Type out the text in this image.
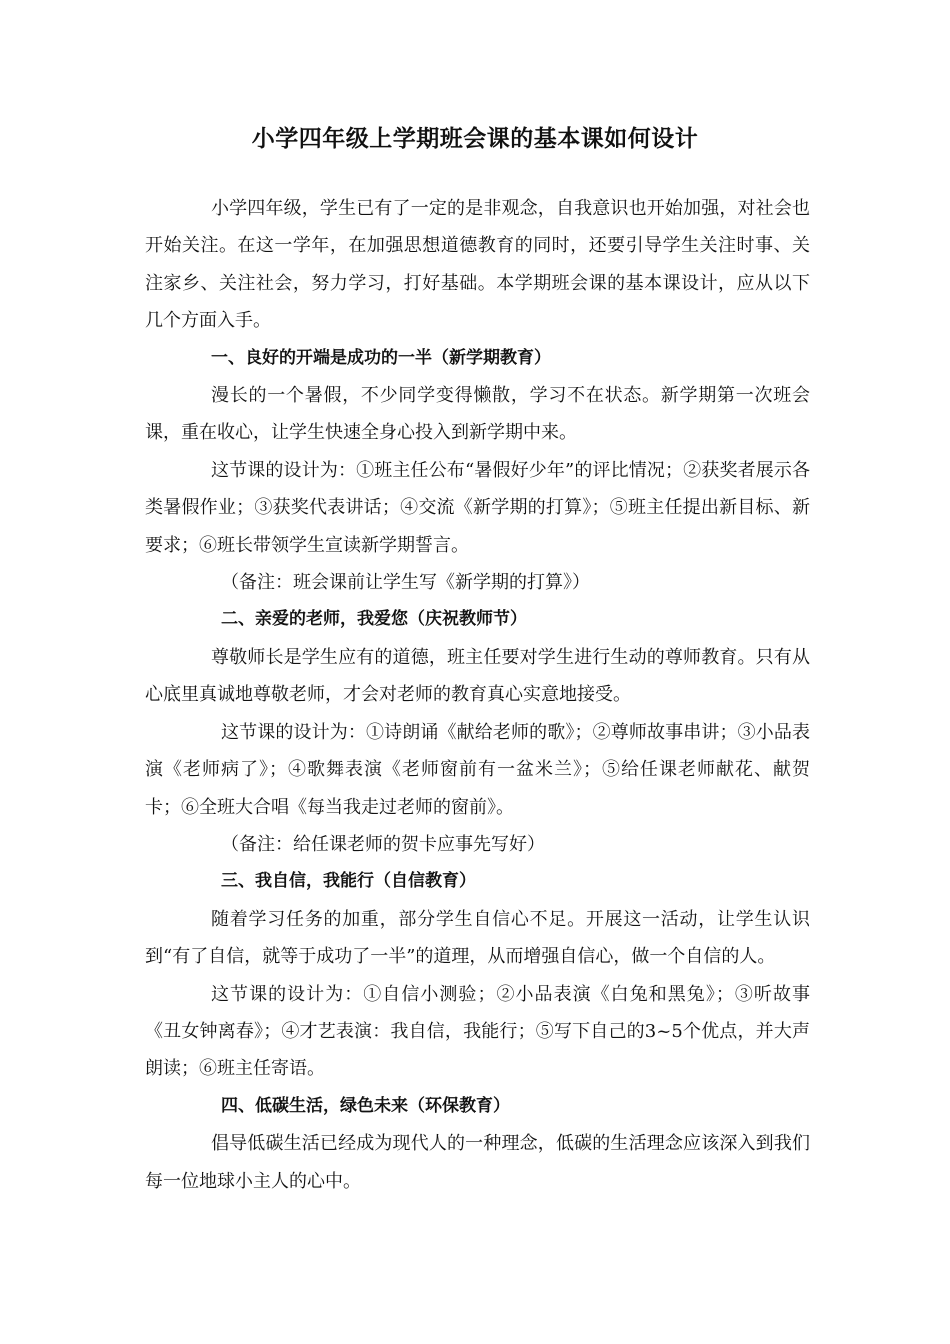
小学四年级上学期班会课的基本课如何设计

小学四年级，学生已有了一定的是非观念，自我意识也开始加强，对社会也开始关注。在这一学年，在加强思想道德教育的同时，还要引导学生关注时事、关注家乡、关注社会，努力学习，打好基础。本学期班会课的基本课设计，应从以下几个方面入手。

一、良好的开端是成功的一半（新学期教育）

漫长的一个暑假，不少同学变得懒散，学习不在状态。新学期第一次班会课，重在收心，让学生快速全身心投入到新学期中来。

这节课的设计为：①班主任公布“暑假好少年”的评比情况；②获奖者展示各类暑假作业；③获奖代表讲话；④交流《新学期的打算》；⑤班主任提出新目标、新要求；⑥班长带领学生宣读新学期誓言。

（备注：班会课前让学生写《新学期的打算》）

二、亲爱的老师，我爱您（庆祝教师节）

尊敬师长是学生应有的道德，班主任要对学生进行生动的尊师教育。只有从心底里真诚地尊敬老师，才会对老师的教育真心实意地接受。

这节课的设计为：①诗朗诵《献给老师的歌》；②尊师故事串讲；③小品表演《老师病了》；④歌舞表演《老师窗前有一盆米兰》；⑤给任课老师献花、献贺卡；⑥全班大合唱《每当我走过老师的窗前》。

（备注：给任课老师的贺卡应事先写好）

三、我自信，我能行（自信教育）

随着学习任务的加重，部分学生自信心不足。开展这一活动，让学生认识到“有了自信，就等于成功了一半”的道理，从而增强自信心，做一个自信的人。

这节课的设计为：①自信小测验；②小品表演《白兔和黑兔》；③听故事《丑女钟离春》；④才艺表演：我自信，我能行；⑤写下自己的3~5个优点，并大声朗读；⑥班主任寄语。

四、低碳生活，绿色未来（环保教育）

倡导低碳生活已经成为现代人的一种理念，低碳的生活理念应该深入到我们每一位地球小主人的心中。
